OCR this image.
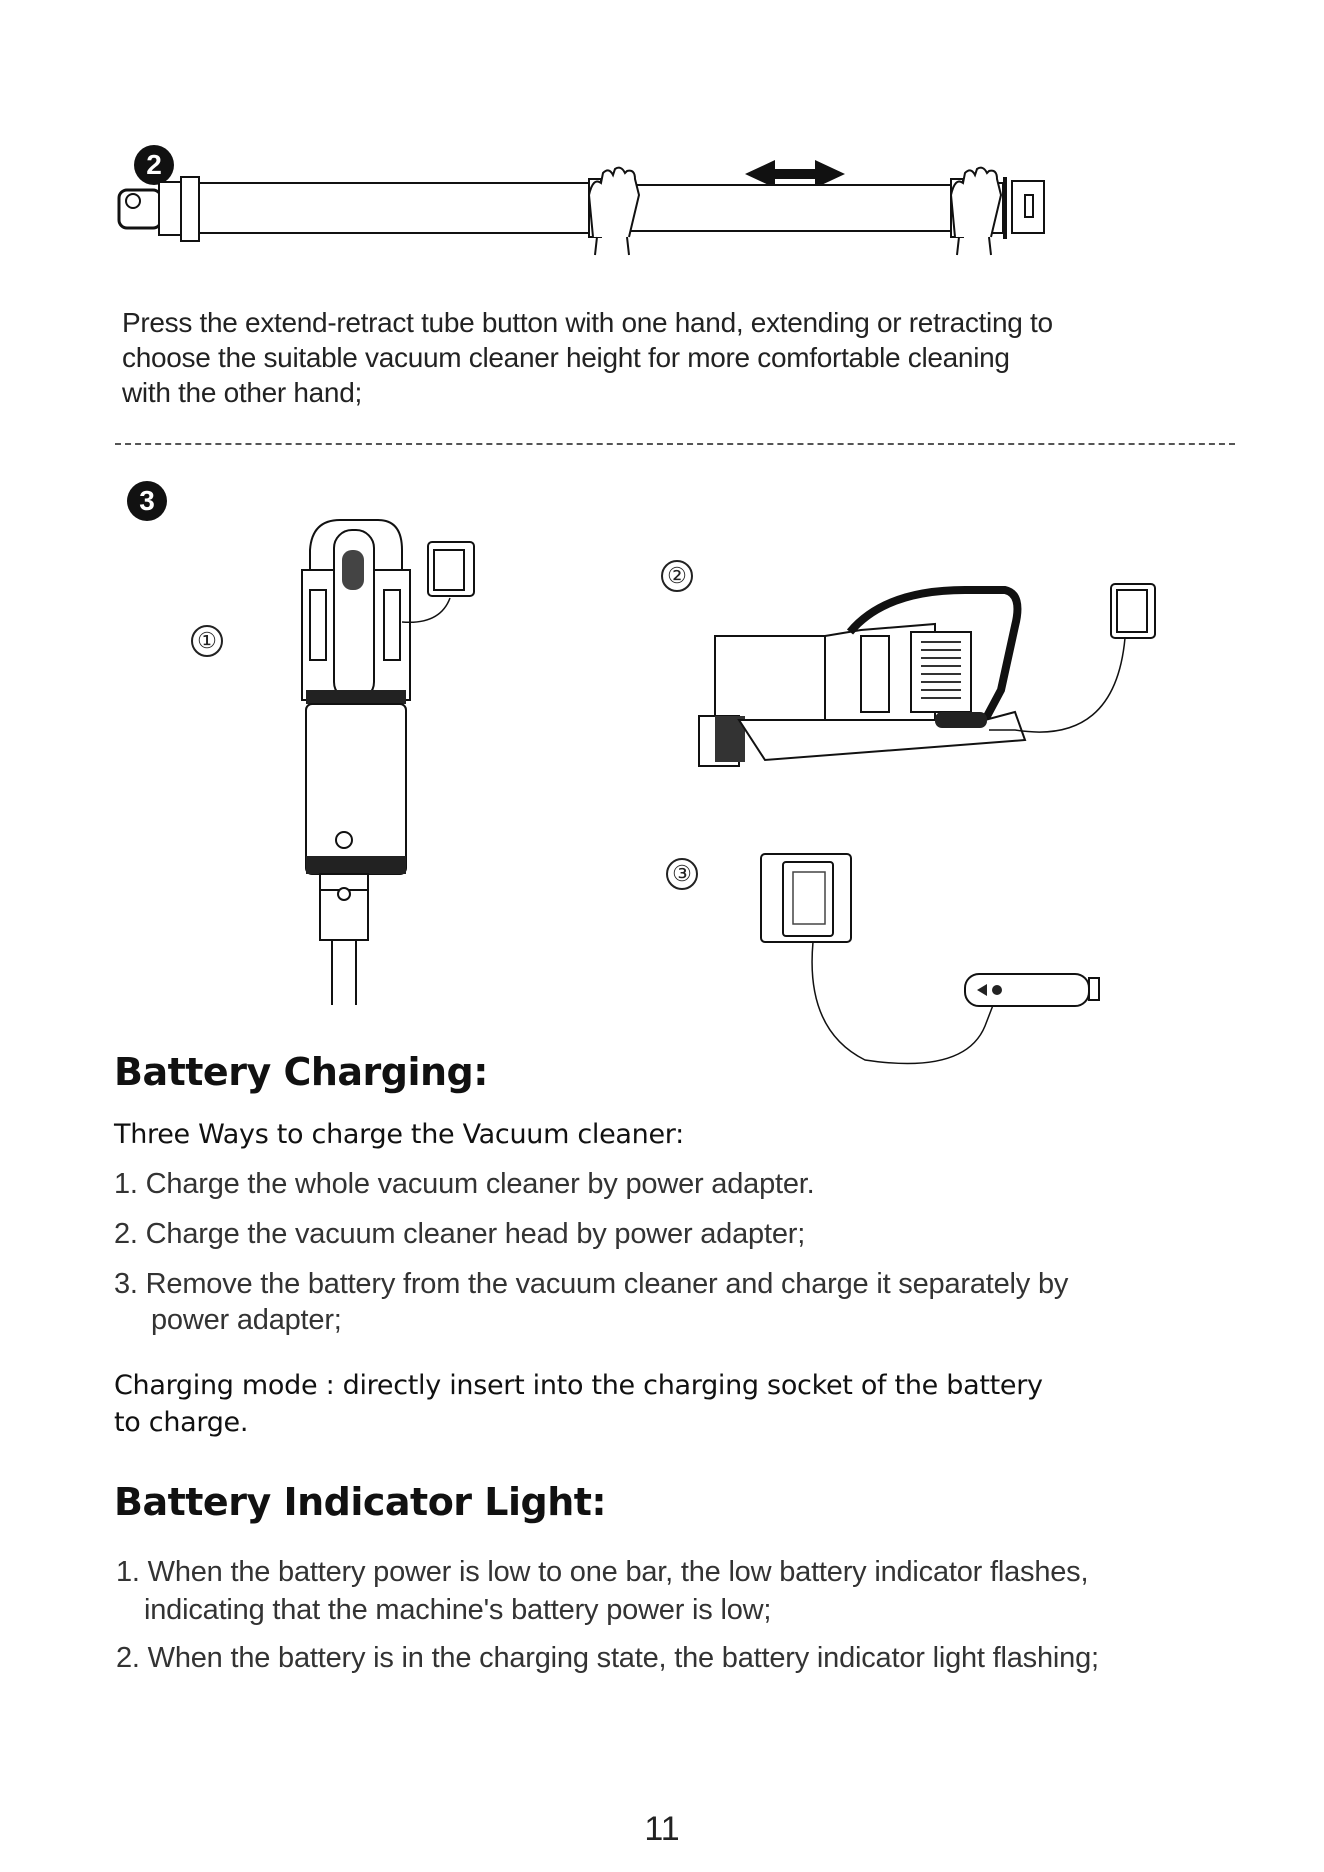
2
Press the extend-retract tube button with one hand, extending or retracting to
choose the suitable vacuum cleaner height for more comfortable cleaning
with the other hand;
3
①
②
③
Battery Charging:
Three Ways to charge the Vacuum cleaner:
1. Charge the whole vacuum cleaner by power adapter.
2. Charge the vacuum cleaner head by power adapter;
3. Remove the battery from the vacuum cleaner and charge it separately by
power adapter;
Charging mode : directly insert into the charging socket of the battery
to charge.
Battery Indicator Light:
1. When the battery power is low to one bar, the low battery indicator flashes,
indicating that the machine's battery power is low;
2. When the battery is in the charging state, the battery indicator light flashing;
11
